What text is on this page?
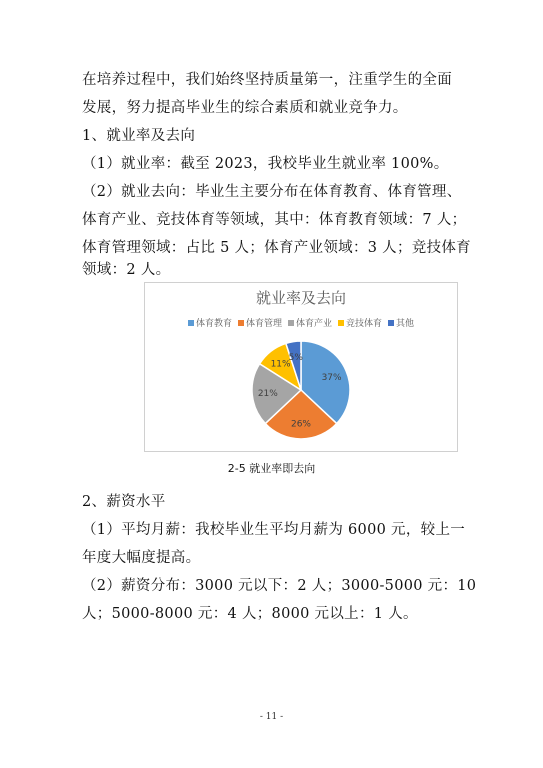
在培养过程中，我们始终坚持质量第一，注重学生的全面
发展，努力提高毕业生的综合素质和就业竞争力。
1、就业率及去向
（1）就业率：截至 2023，我校毕业生就业率 100%。
（2）就业去向：毕业生主要分布在体育教育、体育管理、
体育产业、竞技体育等领域，其中：体育教育领域：7 人；
体育管理领域：占比 5 人；体育产业领域：3 人；竞技体育
领域：2 人。
就业率及去向
体育教育 体育管理 体育产业 竞技体育 其他
37%
26%
21%
11%
5%
2-5 就业率即去向
2、薪资水平
（1）平均月薪：我校毕业生平均月薪为 6000 元，较上一
年度大幅度提高。
（2）薪资分布：3000 元以下：2 人；3000-5000 元：10
人；5000-8000 元：4 人；8000 元以上：1 人。
- 11 -
